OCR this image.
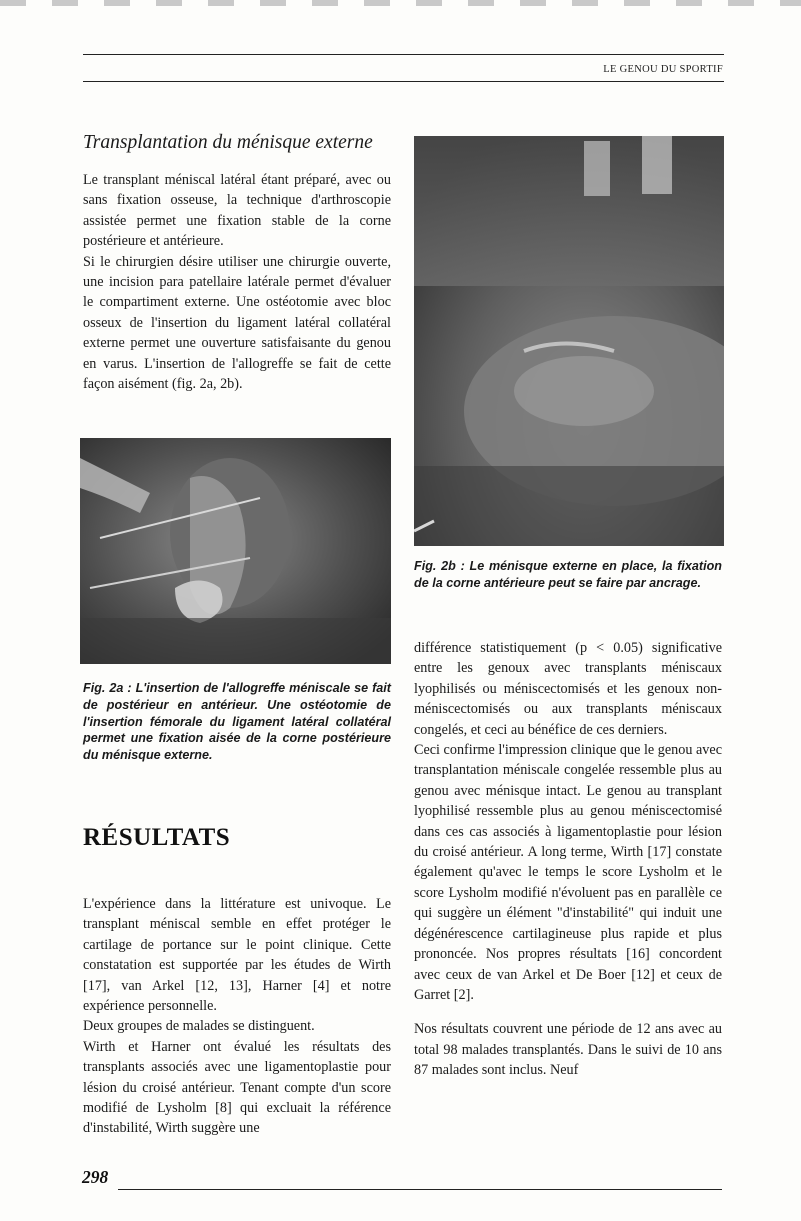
LE GENOU DU SPORTIF
Transplantation du ménisque externe

Le transplant méniscal latéral étant préparé, avec ou sans fixation osseuse, la technique d'arthroscopie assistée permet une fixation stable de la corne postérieure et antérieure.

Si le chirurgien désire utiliser une chirurgie ouverte, une incision para patellaire latérale permet d'évaluer le compartiment externe. Une ostéotomie avec bloc osseux de l'insertion du ligament latéral collatéral externe permet une ouverture satisfaisante du genou en varus. L'insertion de l'allogreffe se fait de cette façon aisément (fig. 2a, 2b).

Fig. 2b : Le ménisque externe en place, la fixation de la corne antérieure peut se faire par ancrage.
Fig. 2a : L'insertion de l'allogreffe méniscale se fait de postérieur en antérieur. Une ostéotomie de l'insertion fémorale du ligament latéral collatéral permet une fixation aisée de la corne postérieure du ménisque externe.
RÉSULTATS

L'expérience dans la littérature est univoque. Le transplant méniscal semble en effet protéger le cartilage de portance sur le point clinique. Cette constatation est supportée par les études de Wirth [17], van Arkel [12, 13], Harner [4] et notre expérience personnelle.

Deux groupes de malades se distinguent.

Wirth et Harner ont évalué les résultats des transplants associés avec une ligamentoplastie pour lésion du croisé antérieur. Tenant compte d'un score modifié de Lysholm [8] qui excluait la référence d'instabilité, Wirth suggère une

différence statistiquement (p < 0.05) significative entre les genoux avec transplants méniscaux lyophilisés ou méniscectomisés et les genoux non-méniscectomisés ou aux transplants méniscaux congelés, et ceci au bénéfice de ces derniers.

Ceci confirme l'impression clinique que le genou avec transplantation méniscale congelée ressemble plus au genou avec ménisque intact. Le genou au transplant lyophilisé ressemble plus au genou méniscectomisé dans ces cas associés à ligamentoplastie pour lésion du croisé antérieur. A long terme, Wirth [17] constate également qu'avec le temps le score Lysholm et le score Lysholm modifié n'évoluent pas en parallèle ce qui suggère un élément "d'instabilité" qui induit une dégénérescence cartilagineuse plus rapide et plus prononcée. Nos propres résultats [16] concordent avec ceux de van Arkel et De Boer [12] et ceux de Garret [2].

Nos résultats couvrent une période de 12 ans avec au total 98 malades transplantés. Dans le suivi de 10 ans 87 malades sont inclus. Neuf

298
